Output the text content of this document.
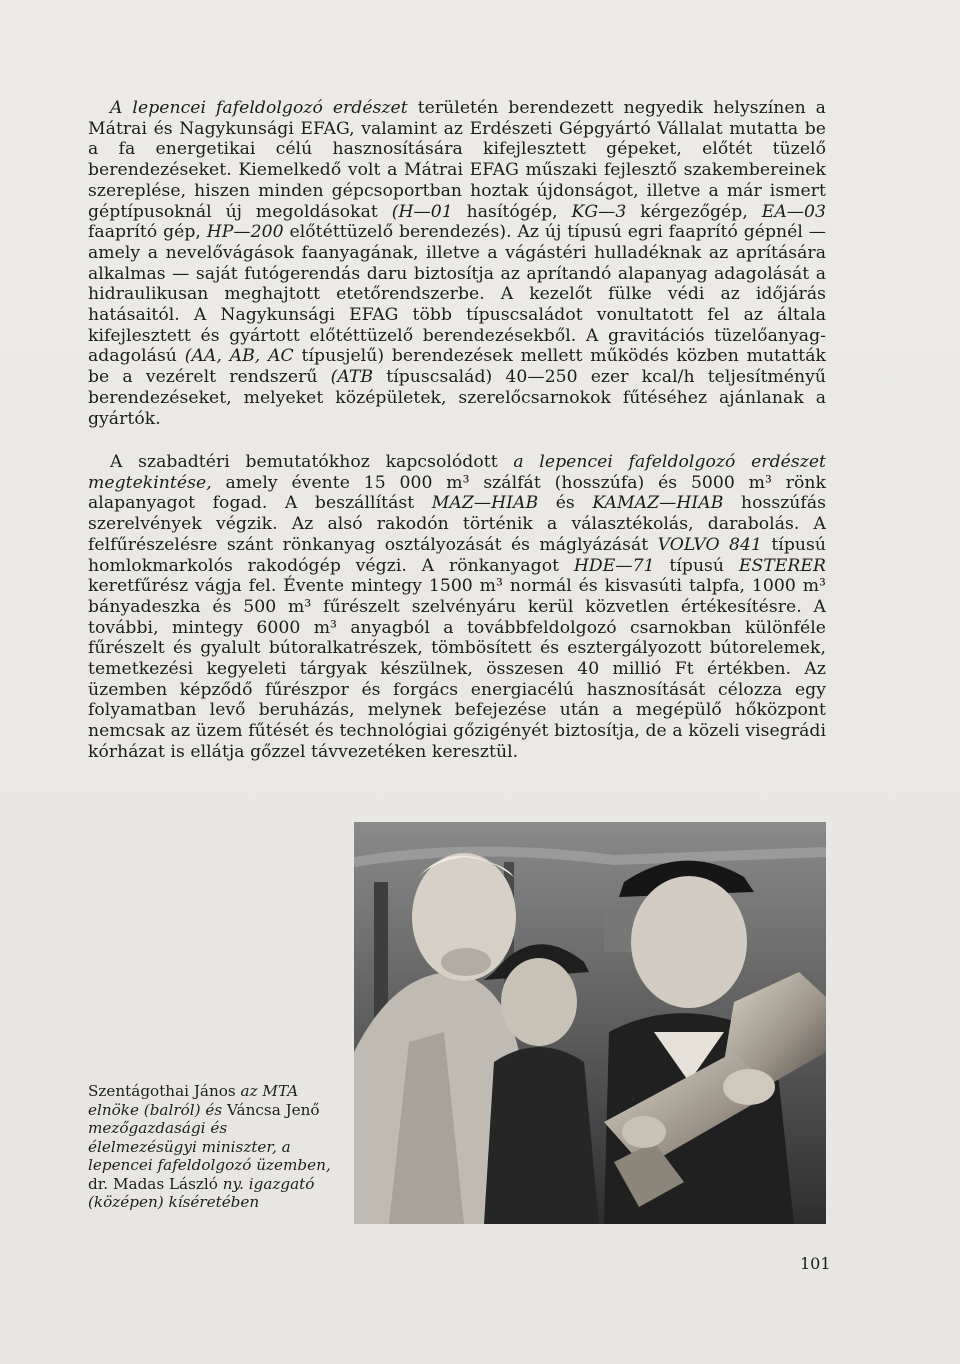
A lepencei fafeldolgozó erdészet területén berendezett negyedik helyszínen a Mátrai és Nagykunsági EFAG, valamint az Erdészeti Gépgyártó Vállalat mutatta be a fa energetikai célú hasznosítására kifejlesztett gépeket, előtét tüzelő berendezéseket. Kiemelkedő volt a Mátrai EFAG műszaki fejlesztő szakembereinek szereplése, hiszen minden gépcsoportban hoztak újdonságot, illetve a már ismert géptípusoknál új megoldásokat (H—01 hasítógép, KG—3 kérgezőgép, EA—03 faaprító gép, HP—200 előtéttüzelő berendezés). Az új típusú egri faaprító gépnél — amely a nevelővágások faanyagának, illetve a vágástéri hulladéknak az aprítására alkalmas — saját futógerendás daru biztosítja az aprítandó alapanyag adagolását a hidraulikusan meghajtott etetőrendszerbe. A kezelőt fülke védi az időjárás hatásaitól. A Nagykunsági EFAG több típuscsaládot vonultatott fel az általa kifejlesztett és gyártott előtéttüzelő berendezésekből. A gravitációs tüzelőanyag-adagolású (AA, AB, AC típusjelű) berendezések mellett működés közben mutatták be a vezérelt rendszerű (ATB típuscsalád) 40—250 ezer kcal/h teljesítményű berendezéseket, melyeket középületek, szerelőcsarnokok fűtéséhez ajánlanak a gyártók.

A szabadtéri bemutatókhoz kapcsolódott a lepencei fafeldolgozó erdészet megtekintése, amely évente 15 000 m³ szálfát (hosszúfa) és 5000 m³ rönk alapanyagot fogad. A beszállítást MAZ—HIAB és KAMAZ—HIAB hosszúfás szerelvények végzik. Az alsó rakodón történik a választékolás, darabolás. A felfűrészelésre szánt rönkanyag osztályozását és máglyázását VOLVO 841 típusú homlokmarkolós rakodógép végzi. A rönkanyagot HDE—71 típusú ESTERER keretfűrész vágja fel. Évente mintegy 1500 m³ normál és kisvasúti talpfa, 1000 m³ bányadeszka és 500 m³ fűrészelt szelvényáru kerül közvetlen értékesítésre. A további, mintegy 6000 m³ anyagból a továbbfeldolgozó csarnokban különféle fűrészelt és gyalult bútoralkatrészek, tömbösített és esztergályozott bútorelemek, temetkezési kegyeleti tárgyak készülnek, összesen 40 millió Ft értékben. Az üzemben képződő fűrészpor és forgács energiacélú hasznosítását célozza egy folyamatban levő beruházás, melynek befejezése után a megépülő hőközpont nemcsak az üzem fűtését és technológiai gőzigényét biztosítja, de a közeli visegrádi kórházat is ellátja gőzzel távvezetéken keresztül.

Szentágothai János az MTA elnöke (balról) és Váncsa Jenő mezőgazdasági és élelmezésügyi miniszter, a lepencei fafeldolgozó üzemben, dr. Madas László ny. igazgató (középen) kíséretében
101
